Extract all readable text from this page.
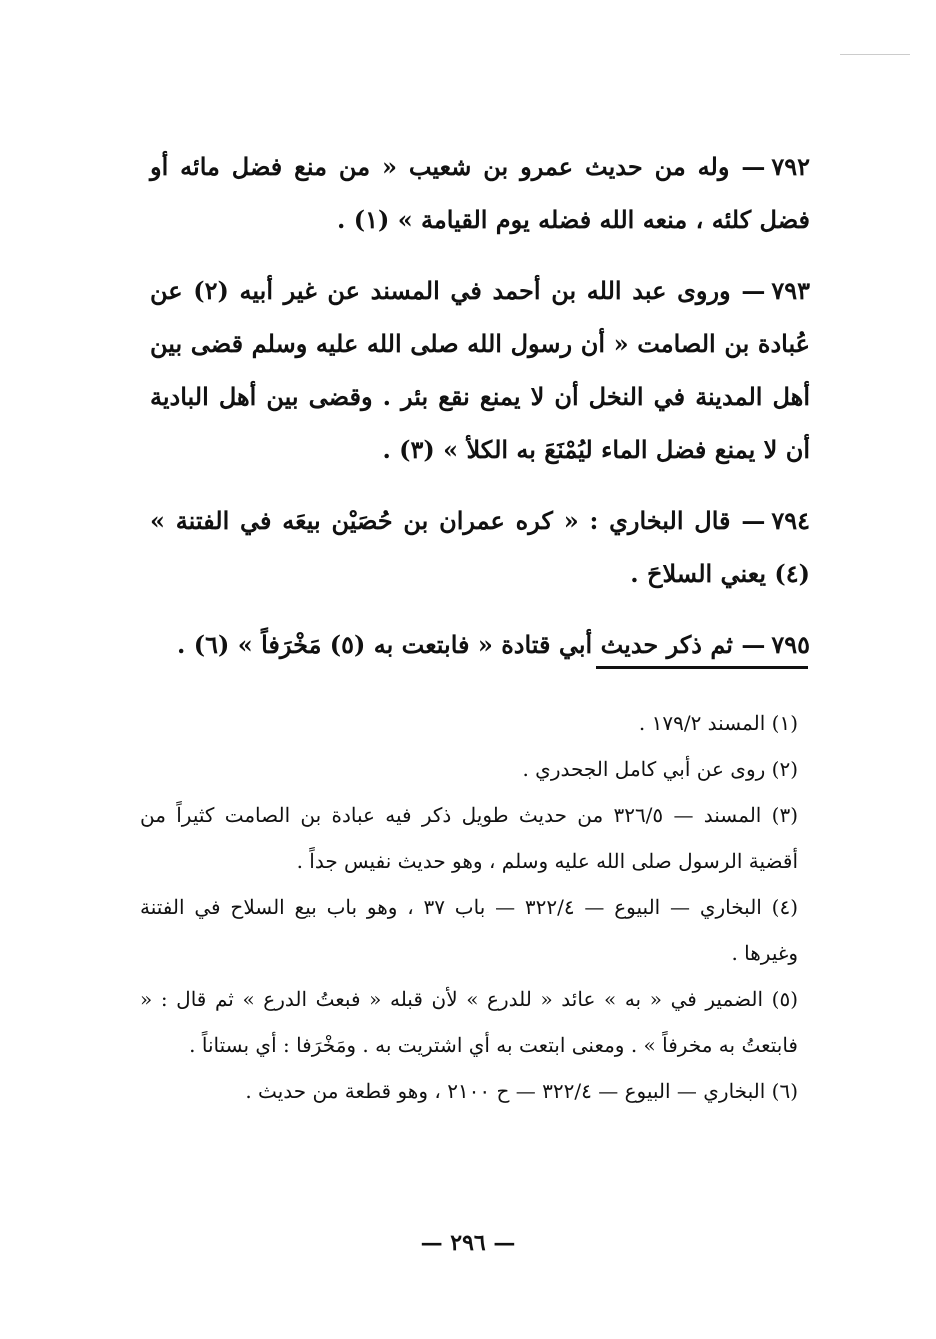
٧٩٢— وله من حديث عمرو بن شعيب « من منع فضل مائه أو فضل كلئه ، منعه الله فضله يوم القيامة » (١) .

٧٩٣— وروى عبد الله بن أحمد في المسند عن غير أبيه (٢) عن عُبادة بن الصامت « أن رسول الله صلى الله عليه وسلم قضى بين أهل المدينة في النخل أن لا يمنع نقع بئر . وقضى بين أهل البادية أن لا يمنع فضل الماء ليُمْنَعَ به الكلأ » (٣) .

٧٩٤— قال البخاري : « كره عمران بن حُصَيْن بيعَه في الفتنة » (٤) يعني السلاحَ .

٧٩٥— ثم ذكر حديث أبي قتادة « فابتعت به (٥) مَخْرَفاً » (٦) .

(١) المسند ١٧٩/٢ .

(٢) روى عن أبي كامل الجحدري .

(٣) المسند — ٣٢٦/٥ من حديث طويل ذكر فيه عبادة بن الصامت كثيراً من أقضية الرسول صلى الله عليه وسلم ، وهو حديث نفيس جداً .

(٤) البخاري — البيوع — ٣٢٢/٤ — باب ٣٧ ، وهو باب بيع السلاح في الفتنة وغيرها .

(٥) الضمير في « به » عائد « للدرع » لأن قبله « فبعتُ الدرع » ثم قال : « فابتعتُ به مخرفاً » . ومعنى ابتعت به أي اشتريت به . ومَخْرَفا : أي بستاناً .

(٦) البخاري — البيوع — ٣٢٢/٤ — ح ٢١٠٠ ، وهو قطعة من حديث .

— ٢٩٦ —
